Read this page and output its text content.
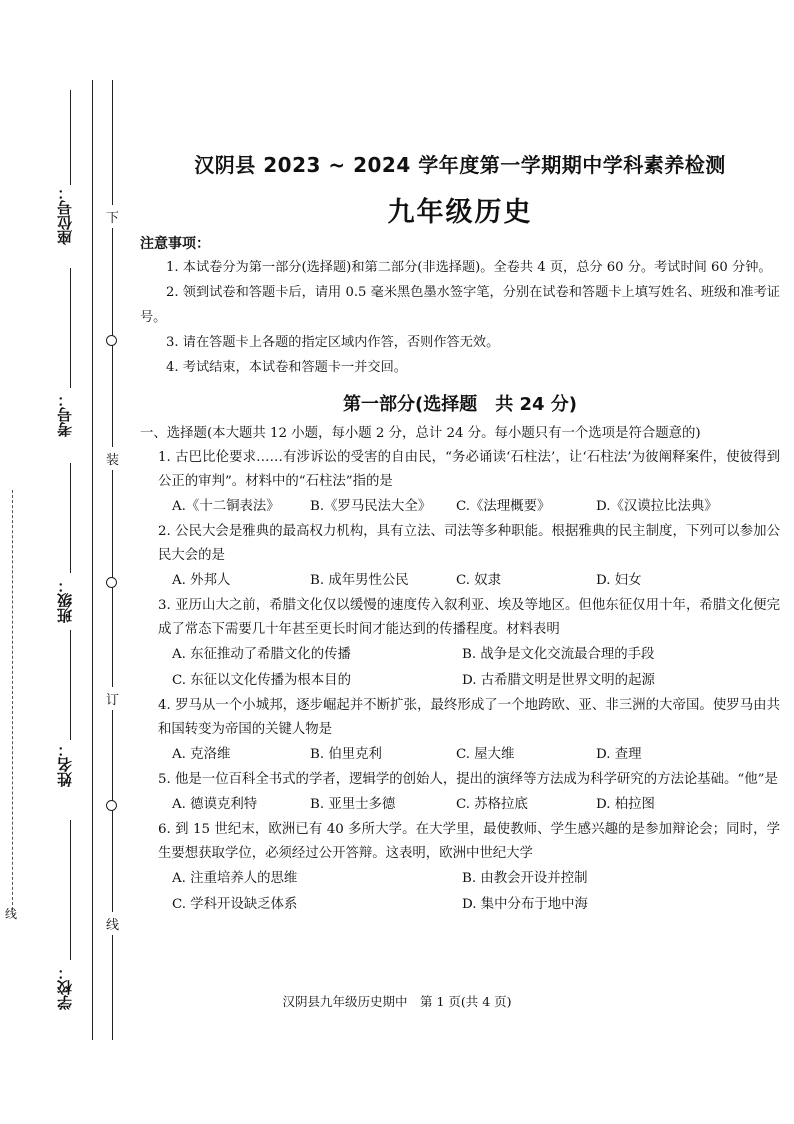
座位号：
考号：
班级：
姓名：
学校：
下
装
订
线
线
汉阴县 2023 ~ 2024 学年度第一学期期中学科素养检测
九年级历史
注意事项：

1. 本试卷分为第一部分(选择题)和第二部分(非选择题)。全卷共 4 页，总分 60 分。考试时间 60 分钟。

2. 领到试卷和答题卡后，请用 0.5 毫米黑色墨水签字笔，分别在试卷和答题卡上填写姓名、班级和准考证号。

3. 请在答题卡上各题的指定区域内作答，否则作答无效。

4. 考试结束，本试卷和答题卡一并交回。

第一部分(选择题　共 24 分)

一、选择题(本大题共 12 小题，每小题 2 分，总计 24 分。每小题只有一个选项是符合题意的)

1. 古巴比伦要求……有涉诉讼的受害的自由民，“务必诵读‘石柱法’，让‘石柱法’为彼阐释案件，使彼得到公正的审判”。材料中的“石柱法”指的是

A.《十二铜表法》	B.《罗马民法大全》	C.《法理概要》	D.《汉谟拉比法典》

2. 公民大会是雅典的最高权力机构，具有立法、司法等多种职能。根据雅典的民主制度，下列可以参加公民大会的是

A. 外邦人	B. 成年男性公民	C. 奴隶	D. 妇女

3. 亚历山大之前，希腊文化仅以缓慢的速度传入叙利亚、埃及等地区。但他东征仅用十年，希腊文化便完成了常态下需要几十年甚至更长时间才能达到的传播程度。材料表明

A. 东征推动了希腊文化的传播	B. 战争是文化交流最合理的手段
C. 东征以文化传播为根本目的	D. 古希腊文明是世界文明的起源

4. 罗马从一个小城邦，逐步崛起并不断扩张，最终形成了一个地跨欧、亚、非三洲的大帝国。使罗马由共和国转变为帝国的关键人物是

A. 克洛维	B. 伯里克利	C. 屋大维	D. 查理

5. 他是一位百科全书式的学者，逻辑学的创始人，提出的演绎等方法成为科学研究的方法论基础。“他”是

A. 德谟克利特	B. 亚里士多德	C. 苏格拉底	D. 柏拉图

6. 到 15 世纪末，欧洲已有 40 多所大学。在大学里，最使教师、学生感兴趣的是参加辩论会；同时，学生要想获取学位，必须经过公开答辩。这表明，欧洲中世纪大学

A. 注重培养人的思维	B. 由教会开设并控制
C. 学科开设缺乏体系	D. 集中分布于地中海
汉阴县九年级历史期中　第 1 页(共 4 页)
